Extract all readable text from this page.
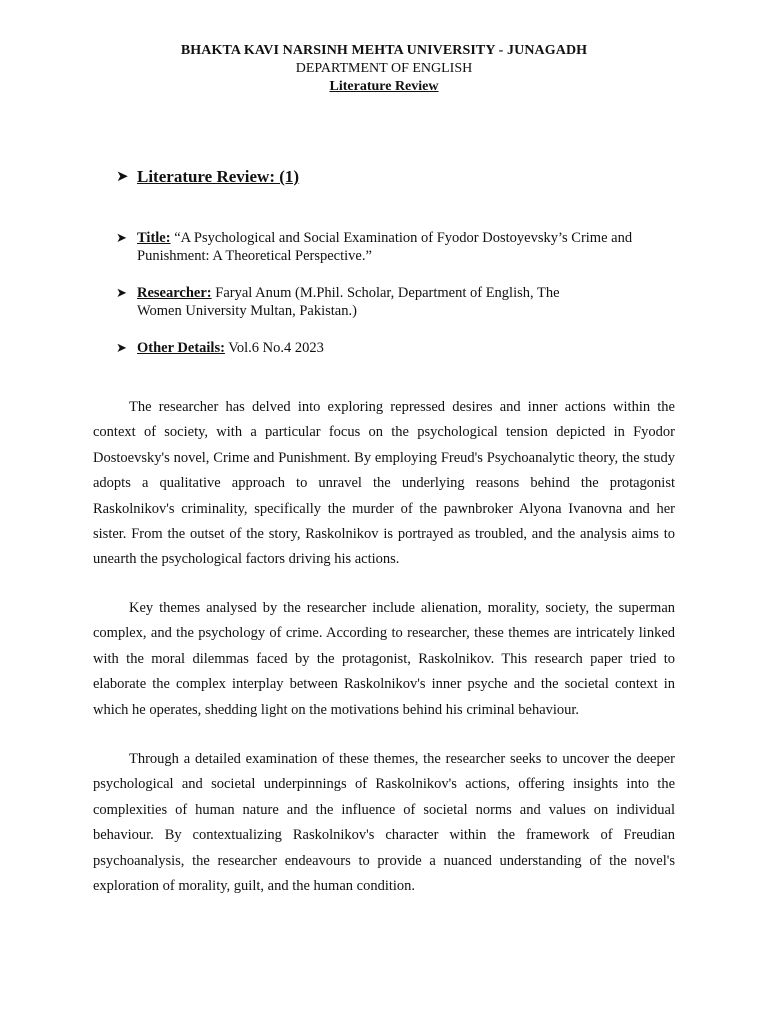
BHAKTA KAVI NARSINH MEHTA UNIVERSITY - JUNAGADH
DEPARTMENT OF ENGLISH
Literature Review
➤ Literature Review: (1)
➤ Title: “A Psychological and Social Examination of Fyodor Dostoyevsky’s Crime and Punishment: A Theoretical Perspective.”
➤ Researcher: Faryal Anum (M.Phil. Scholar, Department of English, The Women University Multan, Pakistan.)
➤ Other Details: Vol.6 No.4 2023

The researcher has delved into exploring repressed desires and inner actions within the context of society, with a particular focus on the psychological tension depicted in Fyodor Dostoevsky's novel, Crime and Punishment. By employing Freud's Psychoanalytic theory, the study adopts a qualitative approach to unravel the underlying reasons behind the protagonist Raskolnikov's criminality, specifically the murder of the pawnbroker Alyona Ivanovna and her sister. From the outset of the story, Raskolnikov is portrayed as troubled, and the analysis aims to unearth the psychological factors driving his actions.

Key themes analysed by the researcher include alienation, morality, society, the superman complex, and the psychology of crime. According to researcher, these themes are intricately linked with the moral dilemmas faced by the protagonist, Raskolnikov. This research paper tried to elaborate the complex interplay between Raskolnikov's inner psyche and the societal context in which he operates, shedding light on the motivations behind his criminal behaviour.

Through a detailed examination of these themes, the researcher seeks to uncover the deeper psychological and societal underpinnings of Raskolnikov's actions, offering insights into the complexities of human nature and the influence of societal norms and values on individual behaviour. By contextualizing Raskolnikov's character within the framework of Freudian psychoanalysis, the researcher endeavours to provide a nuanced understanding of the novel's exploration of morality, guilt, and the human condition.
